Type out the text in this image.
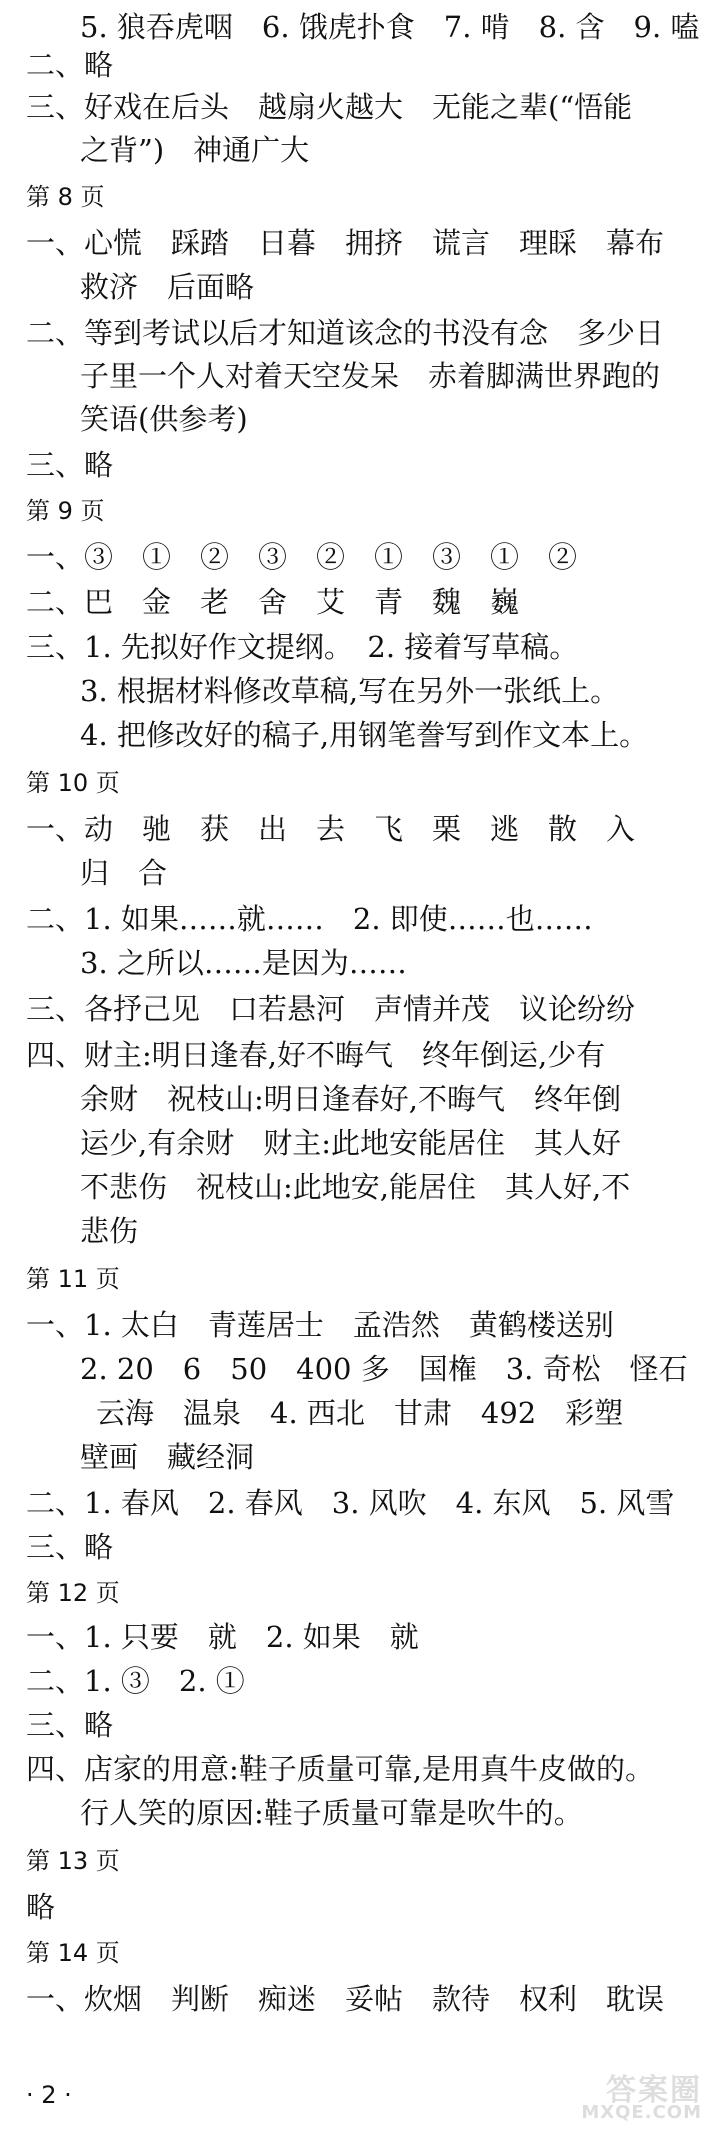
5. 狼吞虎咽　6. 饿虎扑食　7. 啃　8. 含　9. 嗑
二、略
三、好戏在后头　越扇火越大　无能之辈(“悟能
之背”)　神通广大
第 8 页
一、心慌　踩踏　日暮　拥挤　谎言　理睬　幕布
救济　后面略
二、等到考试以后才知道该念的书没有念　多少日
子里一个人对着天空发呆　赤着脚满世界跑的
笑语(供参考)
三、略
第 9 页
一、③　①　②　③　②　①　③　①　②
二、巴　金　老　舍　艾　青　魏　巍
三、1. 先拟好作文提纲。　2. 接着写草稿。
3. 根据材料修改草稿,写在另外一张纸上。
4. 把修改好的稿子,用钢笔誊写到作文本上。
第 10 页
一、动　驰　获　出　去　飞　栗　逃　散　入
归　合
二、1. 如果……就……　2. 即使……也……
3. 之所以……是因为……
三、各抒己见　口若悬河　声情并茂　议论纷纷
四、财主:明日逢春,好不晦气　终年倒运,少有
余财　祝枝山:明日逢春好,不晦气　终年倒
运少,有余财　财主:此地安能居住　其人好
不悲伤　祝枝山:此地安,能居住　其人好,不
悲伤
第 11 页
一、1. 太白　青莲居士　孟浩然　黄鹤楼送别
2. 20　6　50　400 多　国権　3. 奇松　怪石
云海　温泉　4. 西北　甘肃　492　彩塑
壁画　藏经洞
二、1. 春风　2. 春风　3. 风吹　4. 东风　5. 风雪
三、略
第 12 页
一、1. 只要　就　2. 如果　就
二、1. ③　2. ①
三、略
四、店家的用意:鞋子质量可靠,是用真牛皮做的。
行人笑的原因:鞋子质量可靠是吹牛的。
第 13 页
略
第 14 页
一、炊烟　判断　痴迷　妥帖　款待　权利　耽误
· 2 ·	答案圈
MXQE.COM
